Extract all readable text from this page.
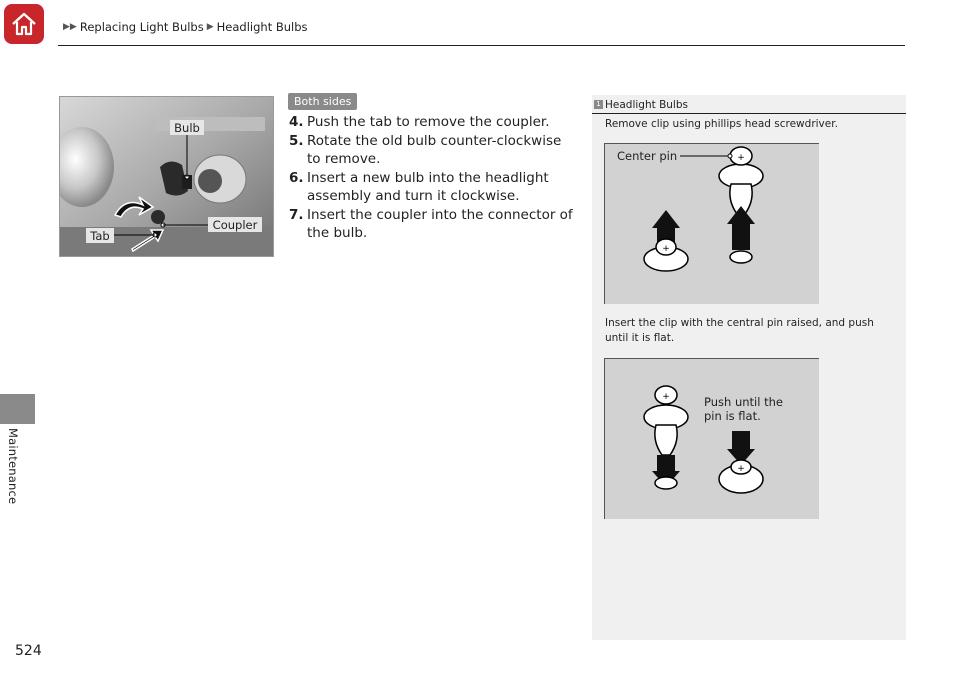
▶▶ Replacing Light Bulbs ▶ Headlight Bulbs
Maintenance
Bulb
Coupler
Tab
Both sides
4. Push the tab to remove the coupler.
5. Rotate the old bulb counter-clockwise to remove.
6. Insert a new bulb into the headlight assembly and turn it clockwise.
7. Insert the coupler into the connector of the bulb.
1 Headlight Bulbs
Remove clip using phillips head screwdriver.
+
+
Center pin
Insert the clip with the central pin raised, and push until it is flat.
+
+
Push until the
pin is flat.
524
